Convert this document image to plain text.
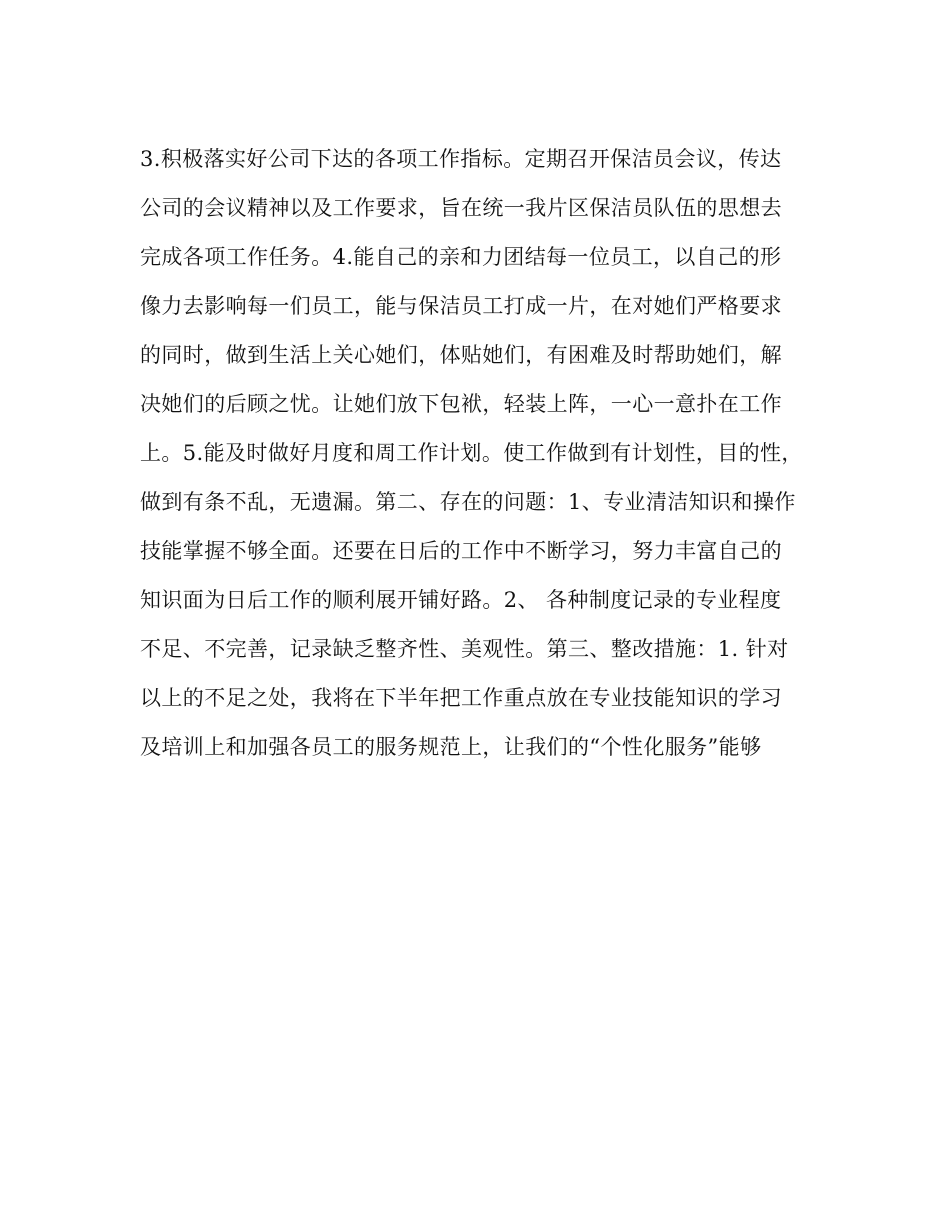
3.积极落实好公司下达的各项工作指标。定期召开保洁员会议，传达
公司的会议精神以及工作要求，旨在统一我片区保洁员队伍的思想去
完成各项工作任务。4.能自己的亲和力团结每一位员工，以自己的形
像力去影响每一们员工，能与保洁员工打成一片，在对她们严格要求
的同时，做到生活上关心她们，体贴她们，有困难及时帮助她们，解
决她们的后顾之忧。让她们放下包袱，轻装上阵，一心一意扑在工作
上。5.能及时做好月度和周工作计划。使工作做到有计划性，目的性，
做到有条不乱，无遗漏。第二、存在的问题：1、专业清洁知识和操作
技能掌握不够全面。还要在日后的工作中不断学习，努力丰富自己的
知识面为日后工作的顺利展开铺好路。2、 各种制度记录的专业程度
不足、不完善，记录缺乏整齐性、美观性。第三、整改措施：1. 针对
以上的不足之处，我将在下半年把工作重点放在专业技能知识的学习
及培训上和加强各员工的服务规范上，让我们的“个性化服务”能够
